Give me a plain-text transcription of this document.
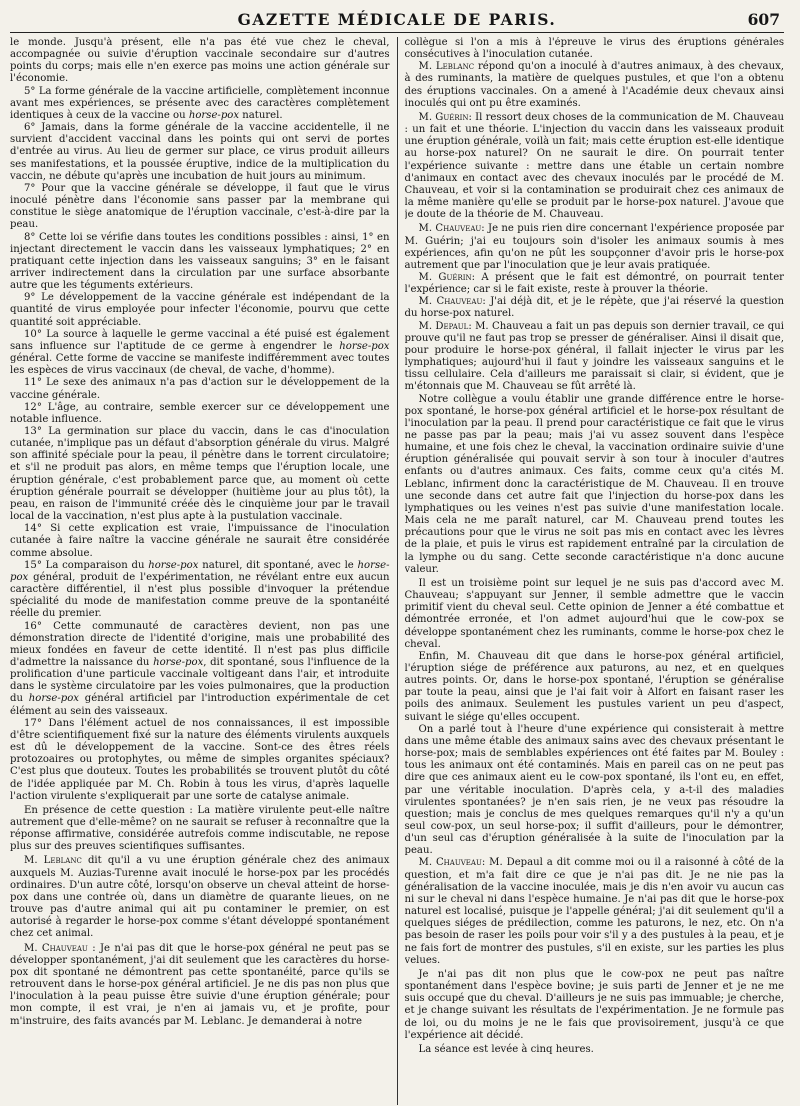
GAZETTE MÉDICALE DE PARIS.	607

le monde. Jusqu'à présent, elle n'a pas été vue chez le cheval, accompagnée ou suivie d'éruption vaccinale secondaire sur d'autres points du corps; mais elle n'en exerce pas moins une action générale sur l'économie.

5° La forme générale de la vaccine artificielle, complètement inconnue avant mes expériences, se présente avec des caractères complètement identiques à ceux de la vaccine ou horse-pox naturel.

6° Jamais, dans la forme générale de la vaccine accidentelle, il ne survient d'accident vaccinal dans les points qui ont servi de portes d'entrée au virus. Au lieu de germer sur place, ce virus produit ailleurs ses manifestations, et la poussée éruptive, indice de la multiplication du vaccin, ne débute qu'après une incubation de huit jours au minimum.

7° Pour que la vaccine générale se développe, il faut que le virus inoculé pénètre dans l'économie sans passer par la membrane qui constitue le siège anatomique de l'éruption vaccinale, c'est-à-dire par la peau.

8° Cette loi se vérifie dans toutes les conditions possibles : ainsi, 1° en injectant directement le vaccin dans les vaisseaux lymphatiques; 2° en pratiquant cette injection dans les vaisseaux sanguins; 3° en le faisant arriver indirectement dans la circulation par une surface absorbante autre que les téguments extérieurs.

9° Le développement de la vaccine générale est indépendant de la quantité de virus employée pour infecter l'économie, pourvu que cette quantité soit appréciable.

10° La source à laquelle le germe vaccinal a été puisé est également sans influence sur l'aptitude de ce germe à engendrer le horse-pox général. Cette forme de vaccine se manifeste indifféremment avec toutes les espèces de virus vaccinaux (de cheval, de vache, d'homme).

11° Le sexe des animaux n'a pas d'action sur le développement de la vaccine générale.

12° L'âge, au contraire, semble exercer sur ce développement une notable influence.

13° La germination sur place du vaccin, dans le cas d'inoculation cutanée, n'implique pas un défaut d'absorption générale du virus. Malgré son affinité spéciale pour la peau, il pénètre dans le torrent circulatoire; et s'il ne produit pas alors, en même temps que l'éruption locale, une éruption générale, c'est probablement parce que, au moment où cette éruption générale pourrait se développer (huitième jour au plus tôt), la peau, en raison de l'immunité créée dès le cinquième jour par le travail local de la vaccination, n'est plus apte à la pustulation vaccinale.

14° Si cette explication est vraie, l'impuissance de l'inoculation cutanée à faire naître la vaccine générale ne saurait être considérée comme absolue.

15° La comparaison du horse-pox naturel, dit spontané, avec le horse-pox général, produit de l'expérimentation, ne révélant entre eux aucun caractère différentiel, il n'est plus possible d'invoquer la prétendue spécialité du mode de manifestation comme preuve de la spontanéité réelle du premier.

16° Cette communauté de caractères devient, non pas une démonstration directe de l'identité d'origine, mais une probabilité des mieux fondées en faveur de cette identité. Il n'est pas plus difficile d'admettre la naissance du horse-pox, dit spontané, sous l'influence de la prolification d'une particule vaccinale voltigeant dans l'air, et introduite dans le système circulatoire par les voies pulmonaires, que la production du horse-pox général artificiel par l'introduction expérimentale de cet élément au sein des vaisseaux.

17° Dans l'élément actuel de nos connaissances, il est impossible d'être scientifiquement fixé sur la nature des éléments virulents auxquels est dû le développement de la vaccine. Sont-ce des êtres réels protozoaires ou protophytes, ou même de simples organites spéciaux? C'est plus que douteux. Toutes les probabilités se trouvent plutôt du côté de l'idée appliquée par M. Ch. Robin à tous les virus, d'après laquelle l'action virulente s'expliquerait par une sorte de catalyse animale.

En présence de cette question : La matière virulente peut-elle naître autrement que d'elle-même? on ne saurait se refuser à reconnaître que la réponse affirmative, considérée autrefois comme indiscutable, ne repose plus sur des preuves scientifiques suffisantes.

M. Leblanc dit qu'il a vu une éruption générale chez des animaux auxquels M. Auzias-Turenne avait inoculé le horse-pox par les procédés ordinaires. D'un autre côté, lorsqu'on observe un cheval atteint de horse-pox dans une contrée où, dans un diamètre de quarante lieues, on ne trouve pas d'autre animal qui ait pu contaminer le premier, on est autorisé à regarder le horse-pox comme s'étant développé spontanément chez cet animal.

M. Chauveau : Je n'ai pas dit que le horse-pox général ne peut pas se développer spontanément, j'ai dit seulement que les caractères du horse-pox dit spontané ne démontrent pas cette spontanéité, parce qu'ils se retrouvent dans le horse-pox général artificiel. Je ne dis pas non plus que l'inoculation à la peau puisse être suivie d'une éruption générale; pour mon compte, il est vrai, je n'en ai jamais vu, et je profite, pour m'instruire, des faits avancés par M. Leblanc. Je demanderai à notre

collègue si l'on a mis à l'épreuve le virus des éruptions générales consécutives à l'inoculation cutanée.

M. Leblanc répond qu'on a inoculé à d'autres animaux, à des chevaux, à des ruminants, la matière de quelques pustules, et que l'on a obtenu des éruptions vaccinales. On a amené à l'Académie deux chevaux ainsi inoculés qui ont pu être examinés.

M. Guérin: Il ressort deux choses de la communication de M. Chauveau : un fait et une théorie. L'injection du vaccin dans les vaisseaux produit une éruption générale, voilà un fait; mais cette éruption est-elle identique au horse-pox naturel? On ne saurait le dire. On pourrait tenter l'expérience suivante : mettre dans une étable un certain nombre d'animaux en contact avec des chevaux inoculés par le procédé de M. Chauveau, et voir si la contamination se produirait chez ces animaux de la même manière qu'elle se produit par le horse-pox naturel. J'avoue que je doute de la théorie de M. Chauveau.

M. Chauveau: Je ne puis rien dire concernant l'expérience proposée par M. Guérin; j'ai eu toujours soin d'isoler les animaux soumis à mes expériences, afin qu'on ne pût les soupçonner d'avoir pris le horse-pox autrement que par l'inoculation que je leur avais pratiquée.

M. Guérin: A présent que le fait est démontré, on pourrait tenter l'expérience; car si le fait existe, reste à prouver la théorie.

M. Chauveau: J'ai déjà dit, et je le répète, que j'ai réservé la question du horse-pox naturel.

M. Depaul: M. Chauveau a fait un pas depuis son dernier travail, ce qui prouve qu'il ne faut pas trop se presser de généraliser. Ainsi il disait que, pour produire le horse-pox général, il fallait injecter le virus par les lymphatiques; aujourd'hui il faut y joindre les vaisseaux sanguins et le tissu cellulaire. Cela d'ailleurs me paraissait si clair, si évident, que je m'étonnais que M. Chauveau se fût arrêté là.

Notre collègue a voulu établir une grande différence entre le horse-pox spontané, le horse-pox général artificiel et le horse-pox résultant de l'inoculation par la peau. Il prend pour caractéristique ce fait que le virus ne passe pas par la peau; mais j'ai vu assez souvent dans l'espèce humaine, et une fois chez le cheval, la vaccination ordinaire suivie d'une éruption généralisée qui pouvait servir à son tour à inoculer d'autres enfants ou d'autres animaux. Ces faits, comme ceux qu'a cités M. Leblanc, infirment donc la caractéristique de M. Chauveau. Il en trouve une seconde dans cet autre fait que l'injection du horse-pox dans les lymphatiques ou les veines n'est pas suivie d'une manifestation locale. Mais cela ne me paraît naturel, car M. Chauveau prend toutes les précautions pour que le virus ne soit pas mis en contact avec les lèvres de la plaie, et puis le virus est rapidement entraîné par la circulation de la lymphe ou du sang. Cette seconde caractéristique n'a donc aucune valeur.

Il est un troisième point sur lequel je ne suis pas d'accord avec M. Chauveau; s'appuyant sur Jenner, il semble admettre que le vaccin primitif vient du cheval seul. Cette opinion de Jenner a été combattue et démontrée erronée, et l'on admet aujourd'hui que le cow-pox se développe spontanément chez les ruminants, comme le horse-pox chez le cheval.

Enfin, M. Chauveau dit que dans le horse-pox général artificiel, l'éruption siége de préférence aux paturons, au nez, et en quelques autres points. Or, dans le horse-pox spontané, l'éruption se généralise par toute la peau, ainsi que je l'ai fait voir à Alfort en faisant raser les poils des animaux. Seulement les pustules varient un peu d'aspect, suivant le siége qu'elles occupent.

On a parlé tout à l'heure d'une expérience qui consisterait à mettre dans une même étable des animaux sains avec des chevaux présentant le horse-pox; mais de semblables expériences ont été faites par M. Bouley : tous les animaux ont été contaminés. Mais en pareil cas on ne peut pas dire que ces animaux aient eu le cow-pox spontané, ils l'ont eu, en effet, par une véritable inoculation. D'après cela, y a-t-il des maladies virulentes spontanées? je n'en sais rien, je ne veux pas résoudre la question; mais je conclus de mes quelques remarques qu'il n'y a qu'un seul cow-pox, un seul horse-pox; il suffit d'ailleurs, pour le démontrer, d'un seul cas d'éruption généralisée à la suite de l'inoculation par la peau.

M. Chauveau: M. Depaul a dit comme moi ou il a raisonné à côté de la question, et m'a fait dire ce que je n'ai pas dit. Je ne nie pas la généralisation de la vaccine inoculée, mais je dis n'en avoir vu aucun cas ni sur le cheval ni dans l'espèce humaine. Je n'ai pas dit que le horse-pox naturel est localisé, puisque je l'appelle général; j'ai dit seulement qu'il a quelques siéges de prédilection, comme les paturons, le nez, etc. On n'a pas besoin de raser les poils pour voir s'il y a des pustules à la peau, et je ne fais fort de montrer des pustules, s'il en existe, sur les parties les plus velues.

Je n'ai pas dit non plus que le cow-pox ne peut pas naître spontanément dans l'espèce bovine; je suis parti de Jenner et je ne me suis occupé que du cheval. D'ailleurs je ne suis pas immuable; je cherche, et je change suivant les résultats de l'expérimentation. Je ne formule pas de loi, ou du moins je ne le fais que provisoirement, jusqu'à ce que l'expérience ait décidé.

La séance est levée à cinq heures.
